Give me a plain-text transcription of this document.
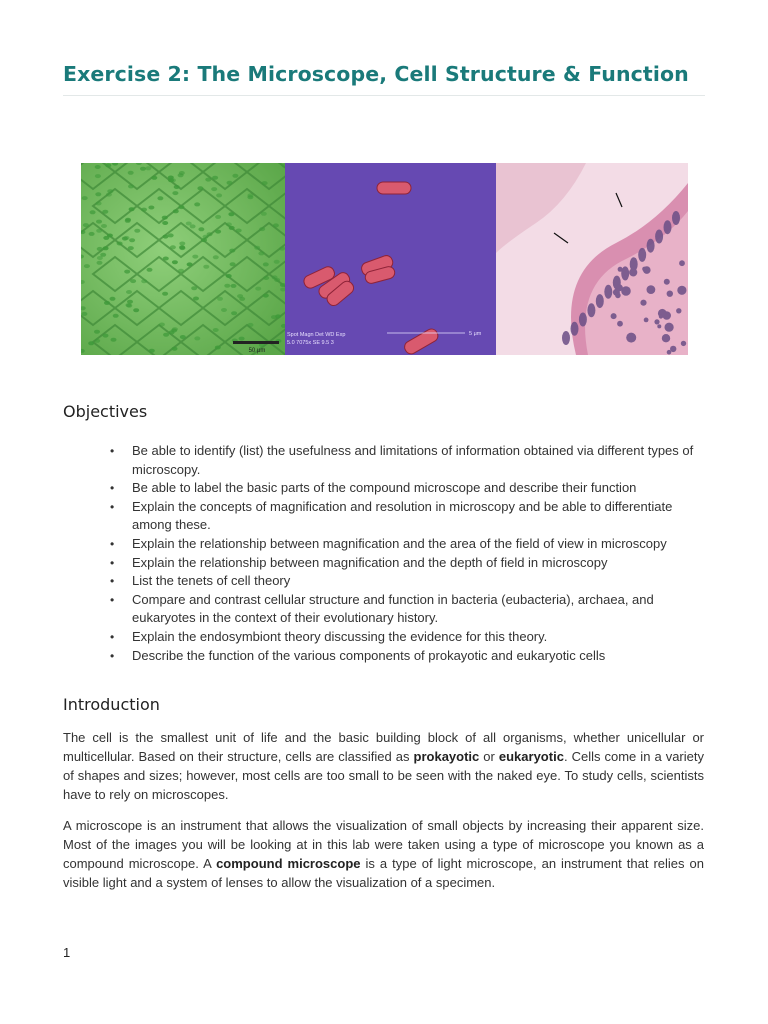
Exercise 2: The Microscope, Cell Structure & Function
50 μm
Spot Magn Det WD Exp
5.0 7075x SE 9.5 3
5 μm
Objectives
• Be able to identify (list) the usefulness and limitations of information obtained via different types of microscopy.
• Be able to label the basic parts of the compound microscope and describe their function
• Explain the concepts of magnification and resolution in microscopy and be able to differentiate among these.
• Explain the relationship between magnification and the area of the field of view in microscopy
• Explain the relationship between magnification and the depth of field in microscopy
• List the tenets of cell theory
• Compare and contrast cellular structure and function in bacteria (eubacteria), archaea, and eukaryotes in the context of their evolutionary history.
• Explain the endosymbiont theory discussing the evidence for this theory.
• Describe the function of the various components of prokayotic and eukaryotic cells
Introduction

The cell is the smallest unit of life and the basic building block of all organisms, whether unicellular or multicellular. Based on their structure, cells are classified as prokayotic or eukaryotic. Cells come in a variety of shapes and sizes; however, most cells are too small to be seen with the naked eye. To study cells, scientists have to rely on microscopes.

A microscope is an instrument that allows the visualization of small objects by increasing their apparent size. Most of the images you will be looking at in this lab were taken using a type of microscope you known as a compound microscope. A compound microscope is a type of light microscope, an instrument that relies on visible light and a system of lenses to allow the visualization of a specimen.

1
